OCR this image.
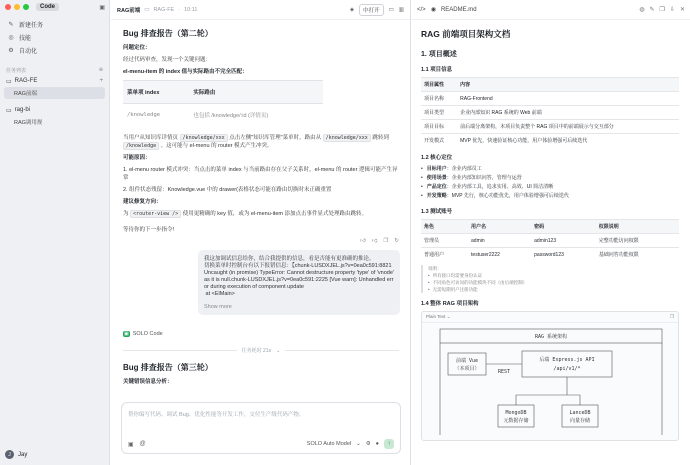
Code	▣
✎ 新建任务
◎ 技能
⚙ 自动化
任务列表	⊕
▭ RAG-FE	+
RAG前端
▭ rag-bi
RAG调用规
J	Jay
RAG前端 ▭ RAG-FE · 10:11	◈	中打开	▭ ▥
Bug 排查报告（第二轮）
问题定位：
经过代码审查，发现一个关键问题：
el-menu-item 的 index 值与实际路由不完全匹配：
菜单项 index	实际路由
/knowledge	也包括 /knowledge/:id (详情页)
当用户从知识库详情页 /knowledge/xxx 点击左侧"知识库管理"菜单时，路由从 /knowledge/xxx 跳转到 /knowledge 。这可能与 el-menu 的 router 模式产生冲突。
可能原因：
1. el-menu router 模式冲突：当点击的菜单 index 与当前路由存在父子关系时，el-menu 的 router 逻辑可能产生异常
2. 组件状态残留：Knowledge.vue 中的 drawer(表格状态可能在路由切换时未正确重置
建议修复方向：
为 <router-view /> 使用更精确的 key 值，或为 el-menu-item 添加点击事件显式处理路由跳转。
等待你的下一步指令!
👍︎ 👎︎ ❐ ↻
我这加调试信息给你，结合我提供的信息，看是否能有更准确的推论。
切换菜单时控制台有以下报错信息：【chunk-LUSDXJEL.js?v=0ea0c591:8821Uncaught (in promise) TypeError: Cannot destructure property 'type' of 'vnode' as it is null.chunk-LUSDXJEL.js?v=0ea0c591:2225 [Vue warn]: Unhandled error during execution of component update
at <ElMain>
Show more
▣ SOLO Code
任务耗时 21s ⌄
Bug 排查报告（第三轮）
关键错误信息分析：
帮你编写代码、调试 Bug、优化性能等开发工作，交付生产级代码产物。
▣ @	SOLO Auto Model ⌄ ⚙ ●	↑
</> ◉ README.md	◍ ✎ ❐ ⇩ ✕
RAG 前端项目架构文档
1. 项目概述
1.1 项目信息
项目属性	内容
项目名称	RAG-Frontend
项目类型	企业内部知识 RAG 系统的 Web 前端
项目目标	前后端分离架构，本项目负责整个 RAG 项目中的前端展示与交互部分
开发模式	MVP 优先，快速验证核心功能，用户体验增强可后续迭代
1.2 核心定位
• 目标用户：企业内部员工
• 使用场景：企业内部知识问答，管理与运营
• 产品定位：企业内部工具，追求实用、高效、UI 简洁清晰
• 开发策略：MVP 先行，核心功能优先，用户体验增强可后续迭代
1.3 测试账号
角色	用户名	密码	权限说明
管理员	admin	admin123	完整功能访问权限
普通用户	testuser2222	password123	基础问答功能权限
说明：
• 所有接口均需要身份认证
• 不同角色可访问的功能模块不同（由后端控制）
• 无需短期用户注册功能
1.4 整体 RAG 项目架构
Plain Text ⌄	❐
RAG 系统架构
前端 Vue
（本项目）	REST
后端 Express.js API
/api/v1/*
MongoDB
元数据存储
LanceDB
向量存储
